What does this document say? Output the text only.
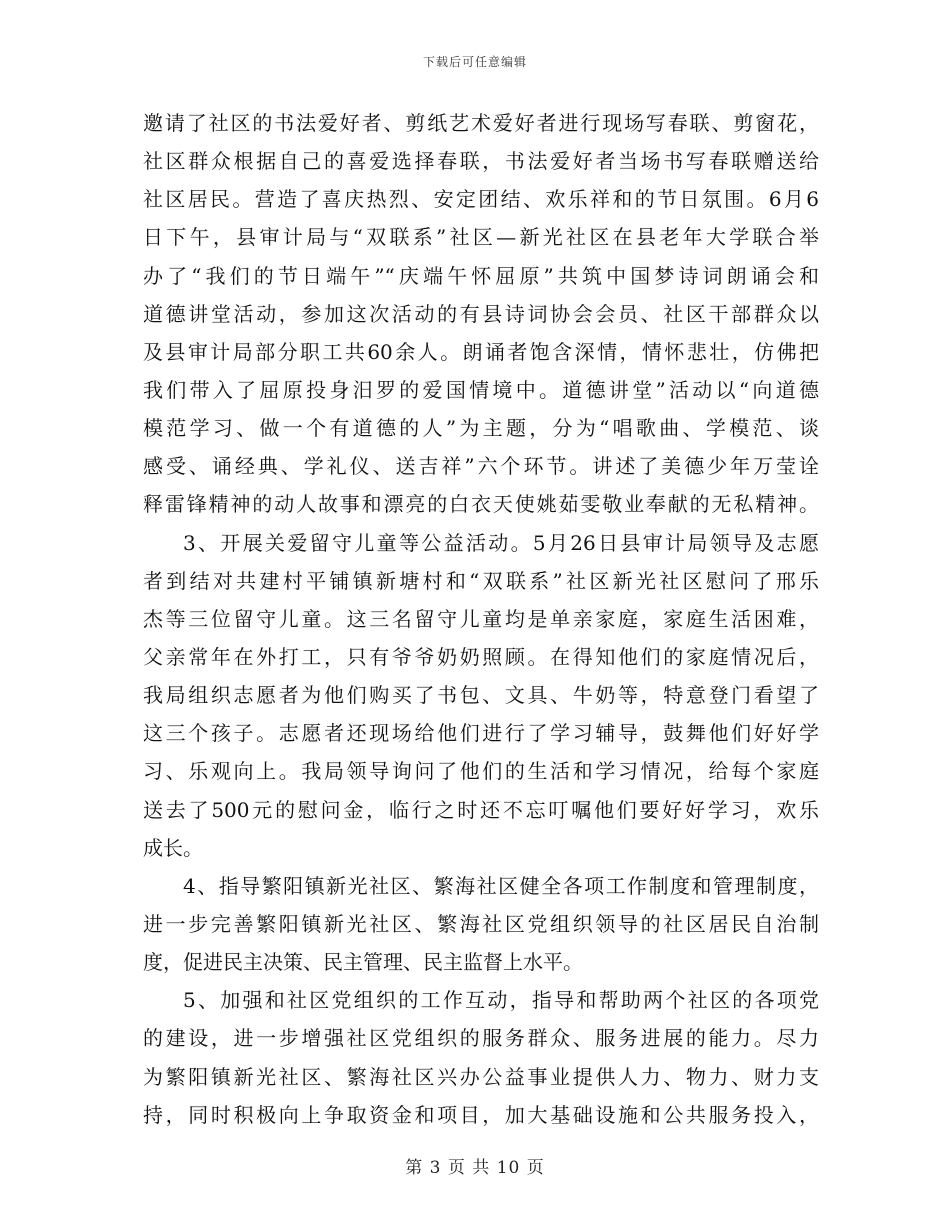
下载后可任意编辑
邀请了社区的书法爱好者、剪纸艺术爱好者进行现场写春联、剪窗花，
社区群众根据自己的喜爱选择春联，书法爱好者当场书写春联赠送给
社区居民。营造了喜庆热烈、安定团结、欢乐祥和的节日氛围。6月6
日下午，县审计局与“双联系”社区—新光社区在县老年大学联合举
办了“我们的节日端午”“庆端午怀屈原”共筑中国梦诗词朗诵会和
道德讲堂活动，参加这次活动的有县诗词协会会员、社区干部群众以
及县审计局部分职工共60余人。朗诵者饱含深情，情怀悲壮，仿佛把
我们带入了屈原投身汨罗的爱国情境中。道德讲堂”活动以“向道德
模范学习、做一个有道德的人”为主题，分为“唱歌曲、学模范、谈
感受、诵经典、学礼仪、送吉祥”六个环节。讲述了美德少年万莹诠
释雷锋精神的动人故事和漂亮的白衣天使姚茹雯敬业奉献的无私精神。
3、开展关爱留守儿童等公益活动。5月26日县审计局领导及志愿
者到结对共建村平铺镇新塘村和“双联系”社区新光社区慰问了邢乐
杰等三位留守儿童。这三名留守儿童均是单亲家庭，家庭生活困难，
父亲常年在外打工，只有爷爷奶奶照顾。在得知他们的家庭情况后，
我局组织志愿者为他们购买了书包、文具、牛奶等，特意登门看望了
这三个孩子。志愿者还现场给他们进行了学习辅导，鼓舞他们好好学
习、乐观向上。我局领导询问了他们的生活和学习情况，给每个家庭
送去了500元的慰问金，临行之时还不忘叮嘱他们要好好学习，欢乐
成长。
4、指导繁阳镇新光社区、繁海社区健全各项工作制度和管理制度，
进一步完善繁阳镇新光社区、繁海社区党组织领导的社区居民自治制
度，促进民主决策、民主管理、民主监督上水平。
5、加强和社区党组织的工作互动，指导和帮助两个社区的各项党
的建设，进一步增强社区党组织的服务群众、服务进展的能力。尽力
为繁阳镇新光社区、繁海社区兴办公益事业提供人力、物力、财力支
持，同时积极向上争取资金和项目，加大基础设施和公共服务投入，
第 3 页 共 10 页
